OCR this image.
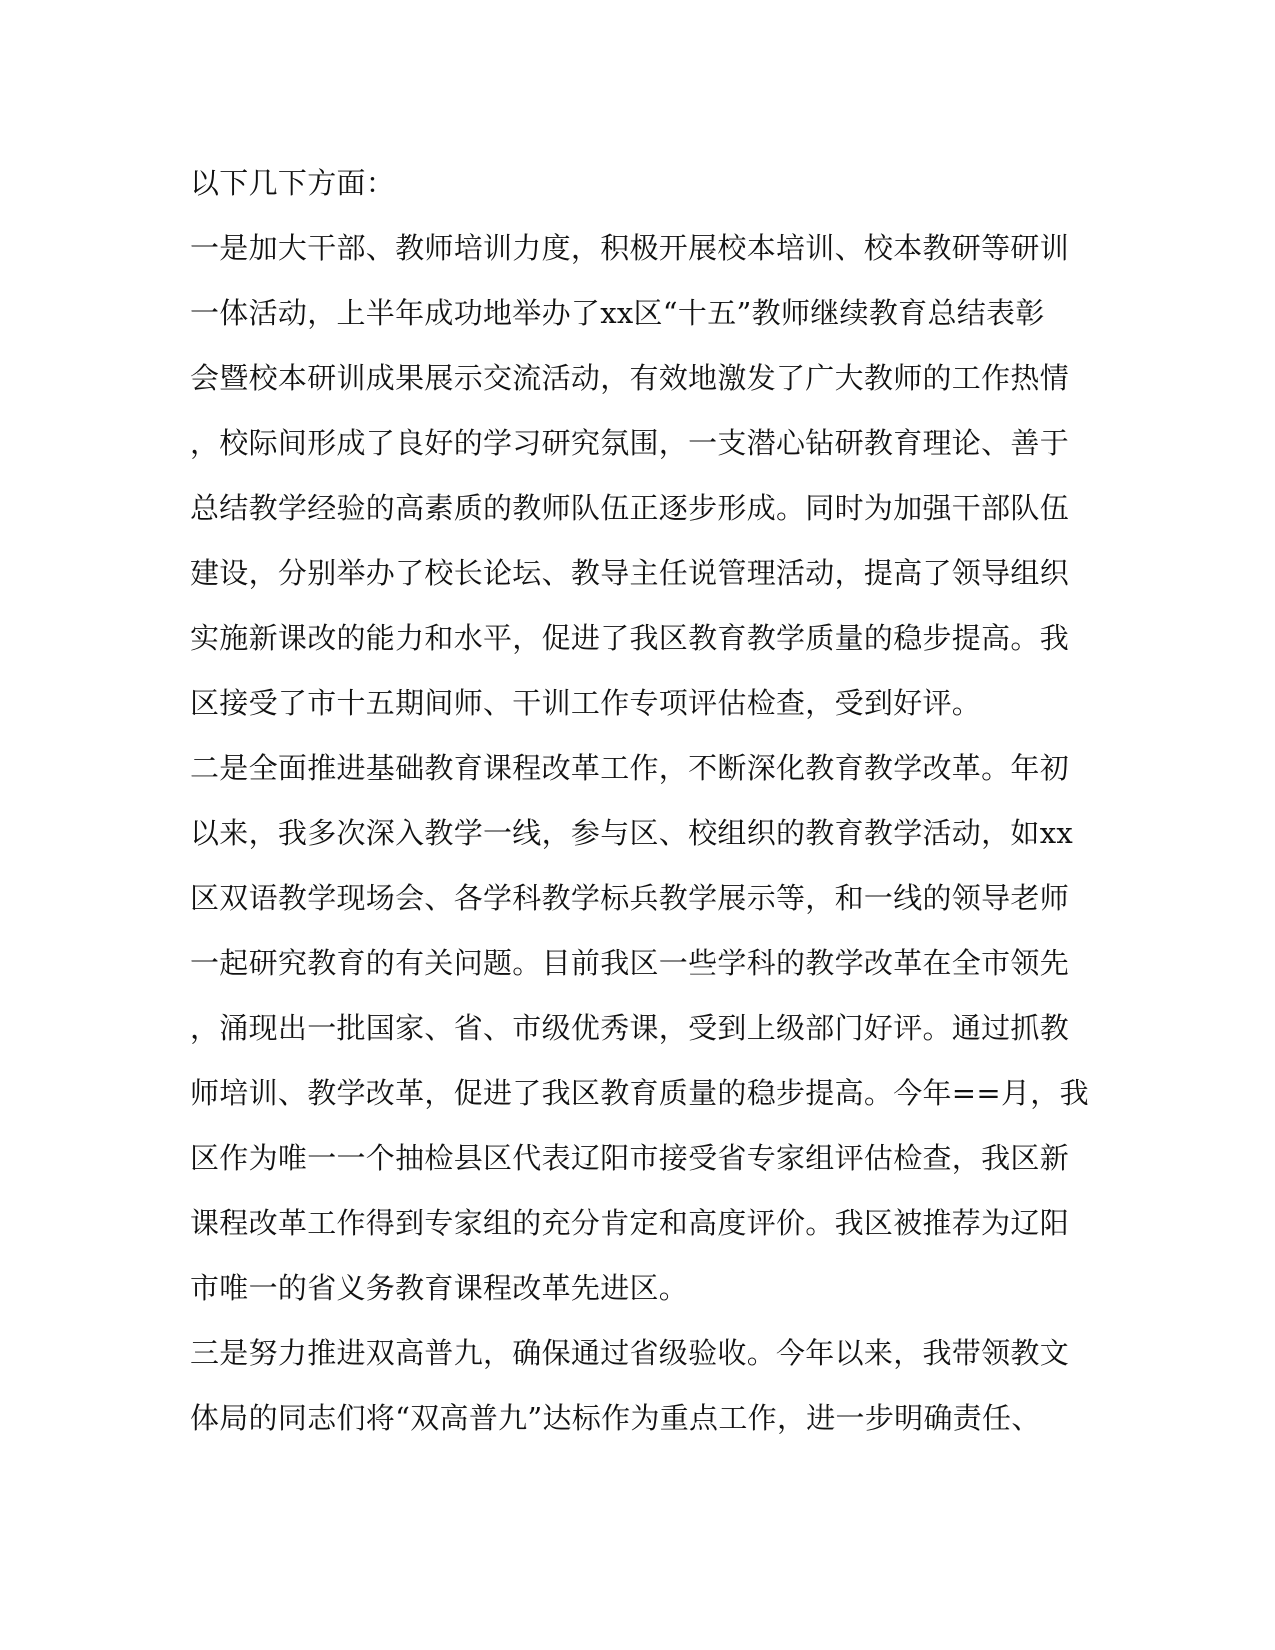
以下几下方面：
一是加大干部、教师培训力度，积极开展校本培训、校本教研等研训
一体活动，上半年成功地举办了xx区“十五”教师继续教育总结表彰
会暨校本研训成果展示交流活动，有效地激发了广大教师的工作热情
，校际间形成了良好的学习研究氛围，一支潜心钻研教育理论、善于
总结教学经验的高素质的教师队伍正逐步形成。同时为加强干部队伍
建设，分别举办了校长论坛、教导主任说管理活动，提高了领导组织
实施新课改的能力和水平，促进了我区教育教学质量的稳步提高。我
区接受了市十五期间师、干训工作专项评估检查，受到好评。
二是全面推进基础教育课程改革工作，不断深化教育教学改革。年初
以来，我多次深入教学一线，参与区、校组织的教育教学活动，如xx
区双语教学现场会、各学科教学标兵教学展示等，和一线的领导老师
一起研究教育的有关问题。目前我区一些学科的教学改革在全市领先
，涌现出一批国家、省、市级优秀课，受到上级部门好评。通过抓教
师培训、教学改革，促进了我区教育质量的稳步提高。今年==月，我
区作为唯一一个抽检县区代表辽阳市接受省专家组评估检查，我区新
课程改革工作得到专家组的充分肯定和高度评价。我区被推荐为辽阳
市唯一的省义务教育课程改革先进区。
三是努力推进双高普九，确保通过省级验收。今年以来，我带领教文
体局的同志们将“双高普九”达标作为重点工作，进一步明确责任、
